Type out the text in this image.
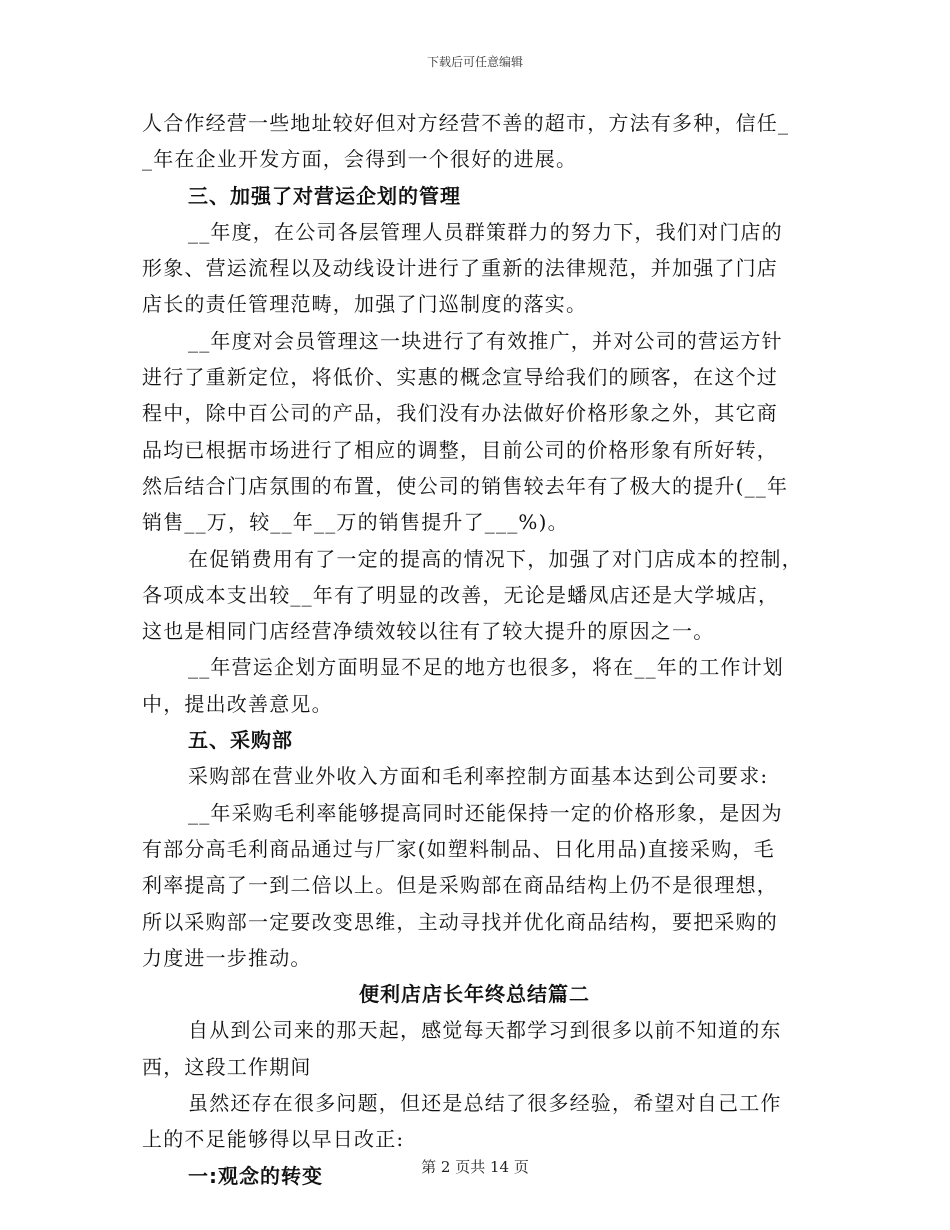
下载后可任意编辑
人合作经营一些地址较好但对方经营不善的超市，方法有多种，信任_
_年在企业开发方面，会得到一个很好的进展。
三、加强了对营运企划的管理
__年度，在公司各层管理人员群策群力的努力下，我们对门店的
形象、营运流程以及动线设计进行了重新的法律规范，并加强了门店
店长的责任管理范畴，加强了门巡制度的落实。
__年度对会员管理这一块进行了有效推广，并对公司的营运方针
进行了重新定位，将低价、实惠的概念宣导给我们的顾客，在这个过
程中，除中百公司的产品，我们没有办法做好价格形象之外，其它商
品均已根据市场进行了相应的调整，目前公司的价格形象有所好转，
然后结合门店氛围的布置，使公司的销售较去年有了极大的提升(__年
销售__万，较__年__万的销售提升了___%)。
在促销费用有了一定的提高的情况下，加强了对门店成本的控制，
各项成本支出较__年有了明显的改善，无论是蟠凤店还是大学城店，
这也是相同门店经营净绩效较以往有了较大提升的原因之一。
__年营运企划方面明显不足的地方也很多，将在__年的工作计划
中，提出改善意见。
五、采购部
采购部在营业外收入方面和毛利率控制方面基本达到公司要求:
__年采购毛利率能够提高同时还能保持一定的价格形象，是因为
有部分高毛利商品通过与厂家(如塑料制品、日化用品)直接采购，毛
利率提高了一到二倍以上。但是采购部在商品结构上仍不是很理想，
所以采购部一定要改变思维，主动寻找并优化商品结构，要把采购的
力度进一步推动。
便利店店长年终总结篇二
自从到公司来的那天起，感觉每天都学习到很多以前不知道的东
西，这段工作期间
虽然还存在很多问题，但还是总结了很多经验，希望对自己工作
上的不足能够得以早日改正:
一:观念的转变	第 2 页共 14 页
